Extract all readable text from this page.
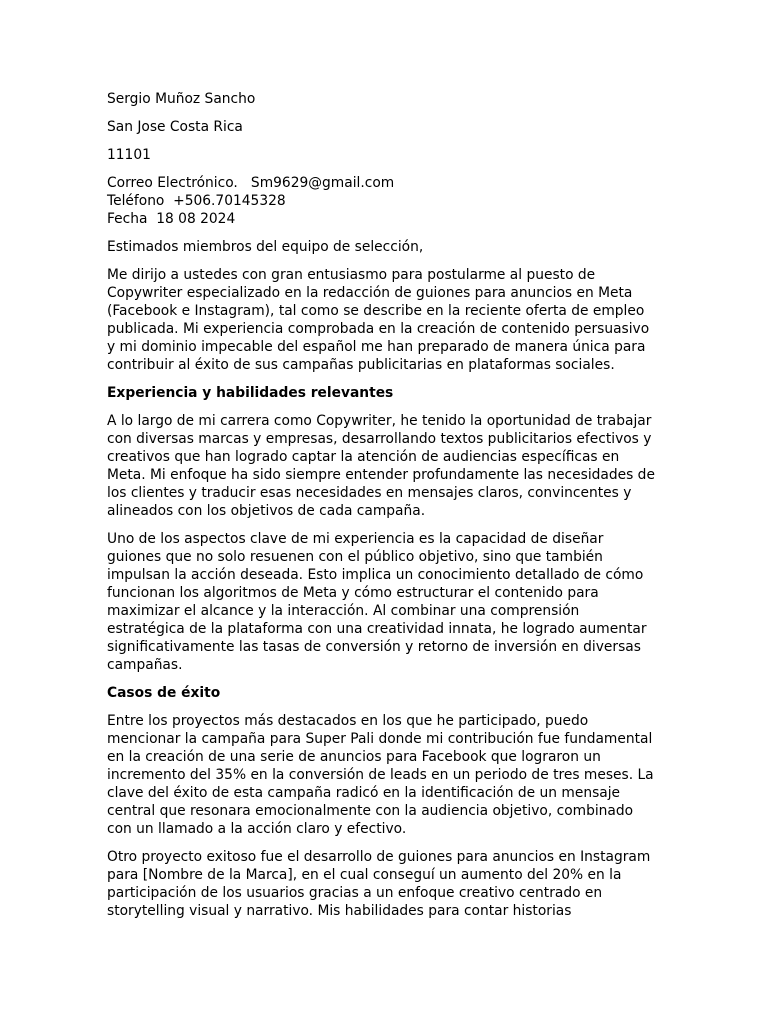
Sergio Muñoz Sancho

San Jose Costa Rica

11101

Correo Electrónico.   Sm9629@gmail.com

Teléfono  +506.70145328

Fecha  18 08 2024

Estimados miembros del equipo de selección,

Me dirijo a ustedes con gran entusiasmo para postularme al puesto de

Copywriter especializado en la redacción de guiones para anuncios en Meta

(Facebook e Instagram), tal como se describe en la reciente oferta de empleo

publicada. Mi experiencia comprobada en la creación de contenido persuasivo

y mi dominio impecable del español me han preparado de manera única para

contribuir al éxito de sus campañas publicitarias en plataformas sociales.

Experiencia y habilidades relevantes

A lo largo de mi carrera como Copywriter, he tenido la oportunidad de trabajar

con diversas marcas y empresas, desarrollando textos publicitarios efectivos y

creativos que han logrado captar la atención de audiencias específicas en

Meta. Mi enfoque ha sido siempre entender profundamente las necesidades de

los clientes y traducir esas necesidades en mensajes claros, convincentes y

alineados con los objetivos de cada campaña.

Uno de los aspectos clave de mi experiencia es la capacidad de diseñar

guiones que no solo resuenen con el público objetivo, sino que también

impulsan la acción deseada. Esto implica un conocimiento detallado de cómo

funcionan los algoritmos de Meta y cómo estructurar el contenido para

maximizar el alcance y la interacción. Al combinar una comprensión

estratégica de la plataforma con una creatividad innata, he logrado aumentar

significativamente las tasas de conversión y retorno de inversión en diversas

campañas.

Casos de éxito

Entre los proyectos más destacados en los que he participado, puedo

mencionar la campaña para Super Pali donde mi contribución fue fundamental

en la creación de una serie de anuncios para Facebook que lograron un

incremento del 35% en la conversión de leads en un periodo de tres meses. La

clave del éxito de esta campaña radicó en la identificación de un mensaje

central que resonara emocionalmente con la audiencia objetivo, combinado

con un llamado a la acción claro y efectivo.

Otro proyecto exitoso fue el desarrollo de guiones para anuncios en Instagram

para [Nombre de la Marca], en el cual conseguí un aumento del 20% en la

participación de los usuarios gracias a un enfoque creativo centrado en

storytelling visual y narrativo. Mis habilidades para contar historias
